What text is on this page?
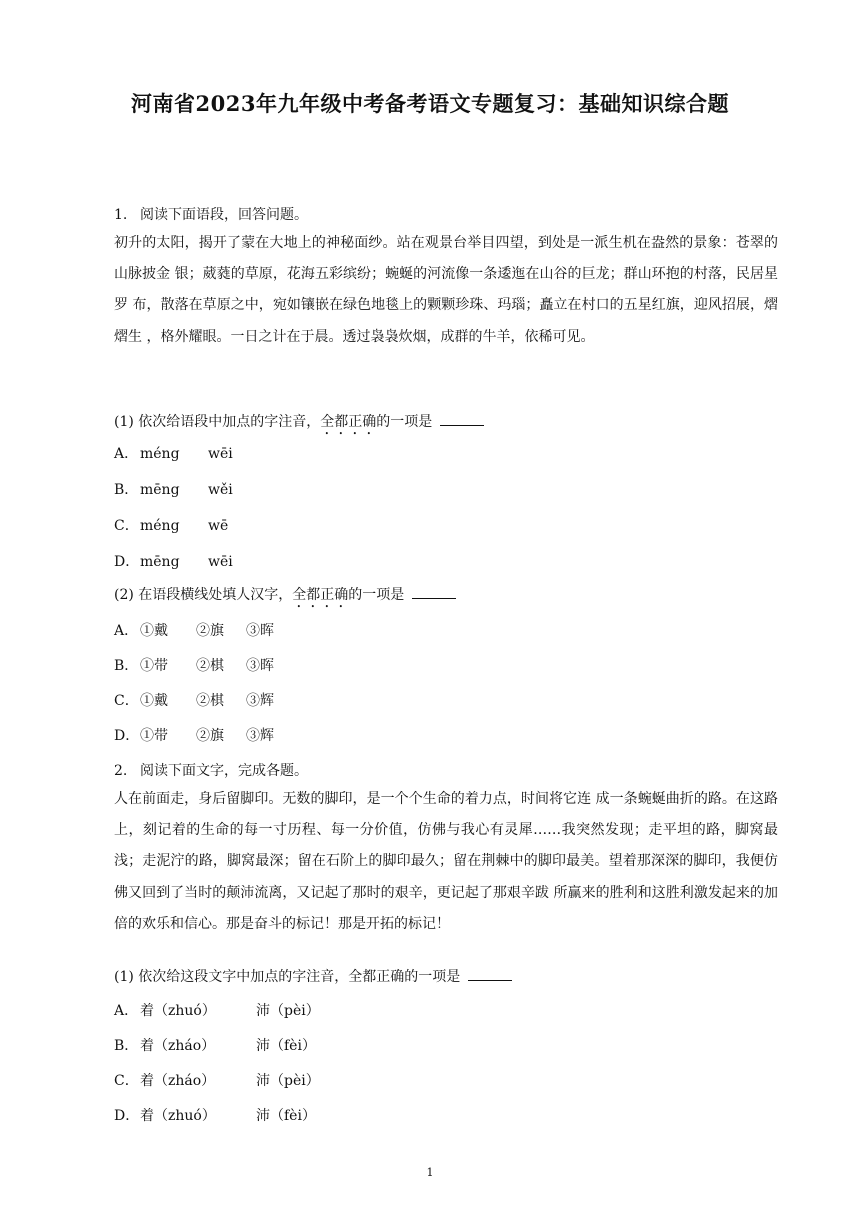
河南省2023年九年级中考备考语文专题复习：基础知识综合题
1. 阅读下面语段，回答问题。
初升的太阳，揭开了蒙在大地上的神秘面纱。站在观景台举目四望，到处是一派生机在盎然的景象：苍翠的山脉披金 银；葳蕤的草原，花海五彩缤纷；蜿蜒的河流像一条逶迤在山谷的巨龙；群山环抱的村落，民居星罗 布，散落在草原之中，宛如镶嵌在绿色地毯上的颗颗珍珠、玛瑙；矗立在村口的五星红旗，迎风招展，熠熠生 ，格外耀眼。一日之计在于晨。透过袅袅炊烟，成群的牛羊，依稀可见。
(1) 依次给语段中加点的字注音，全都正确的一项是
A． méng wēi
B． mēng wěi
C．méng wē
D．mēng wēi
(2) 在语段横线处填人汉字，全都正确的一项是
A． ①戴 ②旗 ③晖
B． ①带 ②棋 ③晖
C．①戴 ②棋 ③辉
D．①带 ②旗 ③辉
2. 阅读下面文字，完成各题。
人在前面走，身后留脚印。无数的脚印，是一个个生命的着力点，时间将它连 成一条蜿蜒曲折的路。在这路上，刻记着的生命的每一寸历程、每一分价值，仿佛与我心有灵犀……我突然发现；走平坦的路，脚窝最浅；走泥泞的路，脚窝最深；留在石阶上的脚印最久；留在荆棘中的脚印最美。望着那深深的脚印，我便仿佛又回到了当时的颠沛流离，又记起了那时的艰辛，更记起了那艰辛跋 所赢来的胜利和这胜利激发起来的加倍的欢乐和信心。那是奋斗的标记！那是开拓的标记！
(1) 依次给这段文字中加点的字注音，全都正确的一项是
A． 着（zhuó）	沛（pèi）
B． 着（zháo）	沛（fèi）
C．着（zháo）	沛（pèi）
D．着（zhuó）	沛（fèi）
1
